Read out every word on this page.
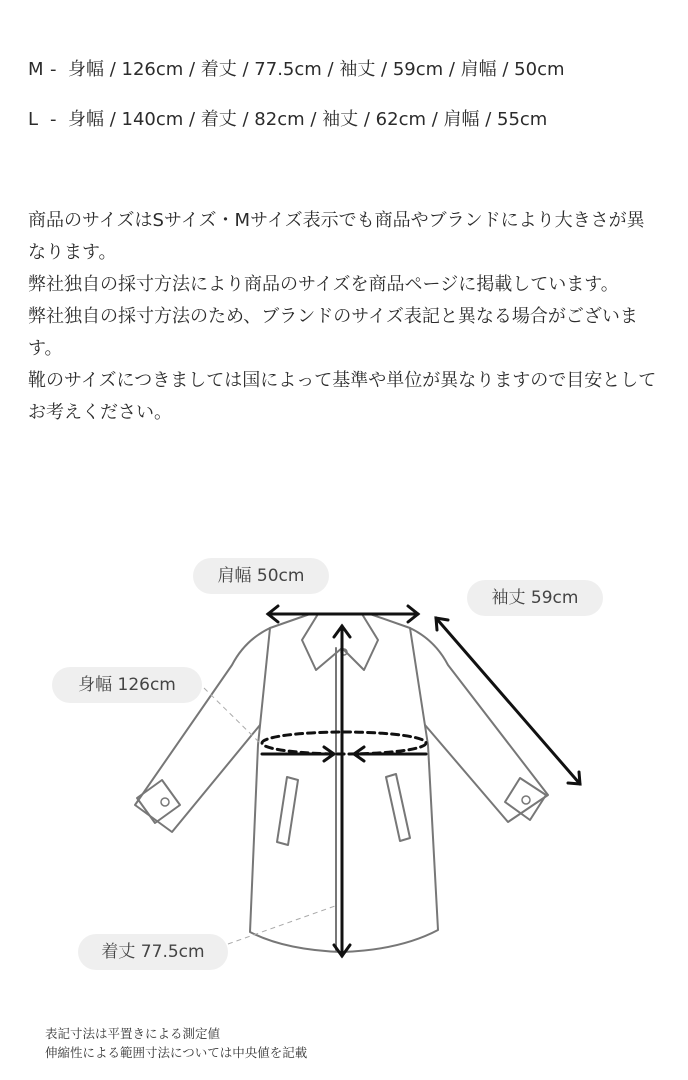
M - 身幅 / 126cm / 着丈 / 77.5cm / 袖丈 / 59cm / 肩幅 / 50cm
L - 身幅 / 140cm / 着丈 / 82cm / 袖丈 / 62cm / 肩幅 / 55cm

商品のサイズはSサイズ・Mサイズ表示でも商品やブランドにより大きさが異なります。

弊社独自の採寸方法により商品のサイズを商品ページに掲載しています。

弊社独自の採寸方法のため、ブランドのサイズ表記と異なる場合がございます。

靴のサイズにつきましては国によって基準や単位が異なりますので目安としてお考えください。

肩幅 50cm
袖丈 59cm
身幅 126cm
着丈 77.5cm

表記寸法は平置きによる測定値

伸縮性による範囲寸法については中央値を記載
